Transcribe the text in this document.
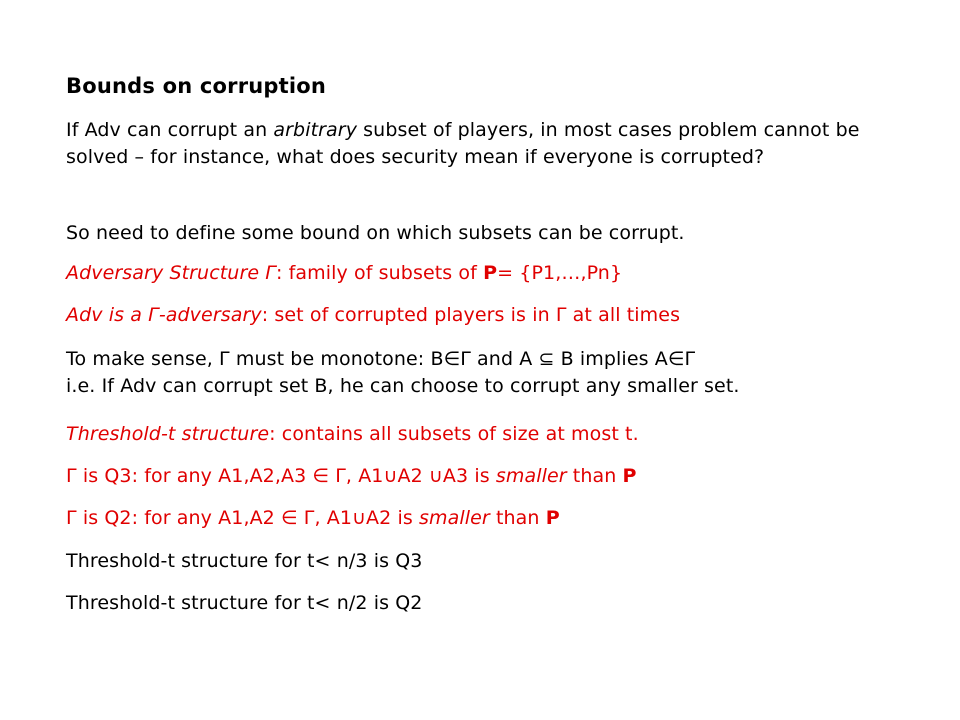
Bounds on corruption
If Adv can corrupt an arbitrary subset of players, in most cases problem cannot be solved – for instance, what does security mean if everyone is corrupted?
So need to define some bound on which subsets can be corrupt.
Adversary Structure Γ: family of subsets of P= {P1,…,Pn}
Adv is a Γ-adversary: set of corrupted players is in Γ at all times
To make sense, Γ must be monotone: B∈Γ and A ⊆ B implies A∈Γ
i.e. If Adv can corrupt set B, he can choose to corrupt any smaller set.
Threshold-t structure: contains all subsets of size at most t.
Γ is Q3: for any A1,A2,A3 ∈ Γ, A1∪A2 ∪A3 is smaller than P
Γ is Q2: for any A1,A2 ∈ Γ, A1∪A2 is smaller than P
Threshold-t structure for t< n/3 is Q3
Threshold-t structure for t< n/2 is Q2
